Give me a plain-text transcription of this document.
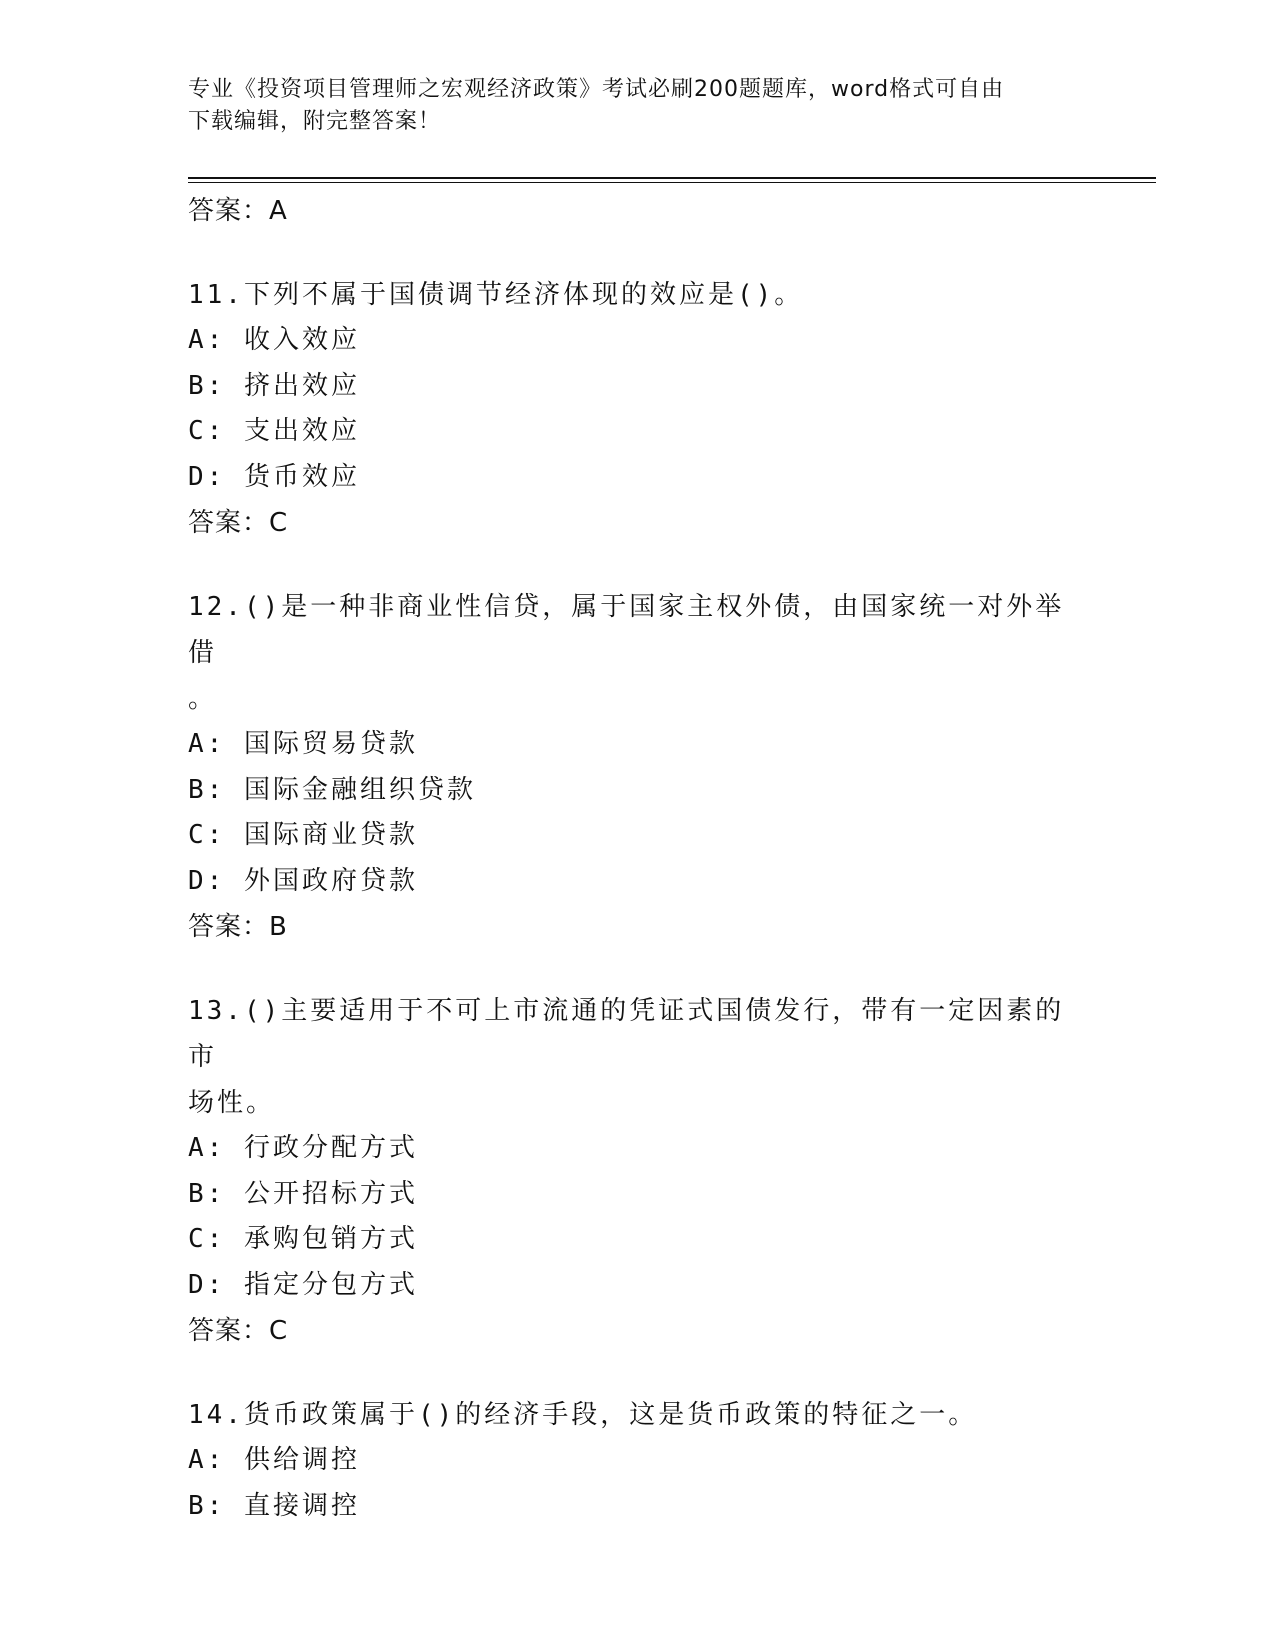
专业《投资项目管理师之宏观经济政策》考试必刷200题题库，word格式可自由
下载编辑，附完整答案！
答案：A
11.下列不属于国债调节经济体现的效应是()。
A: 收入效应
B: 挤出效应
C: 支出效应
D: 货币效应
答案：C
12.()是一种非商业性信贷，属于国家主权外债，由国家统一对外举借
。
A: 国际贸易贷款
B: 国际金融组织贷款
C: 国际商业贷款
D: 外国政府贷款
答案：B
13.()主要适用于不可上市流通的凭证式国债发行，带有一定因素的市
场性。
A: 行政分配方式
B: 公开招标方式
C: 承购包销方式
D: 指定分包方式
答案：C
14.货币政策属于()的经济手段，这是货币政策的特征之一。
A: 供给调控
B: 直接调控
